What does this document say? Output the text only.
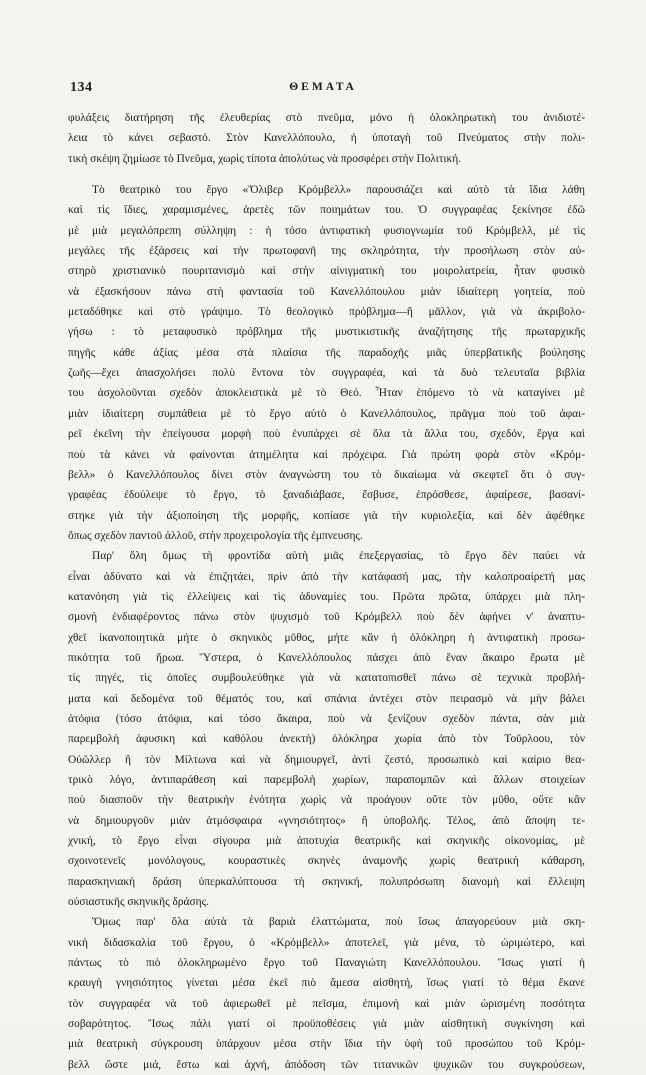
134	ΘΕΜΑΤΑ
φυλάξεις διατήρηση τῆς ἐλευθερίας στὸ πνεῦμα, μόνο ἡ ὁλοκληρωτικὴ του ἀνιδιοτέ-
λεια τὸ κάνει σεβαστό. Στὸν Κανελλόπουλο, ἡ ὑποταγὴ τοῦ Πνεύματος στὴν πολι-
τικὴ σκέψη ζημίωσε τὸ Πνεῦμα, χωρὶς τίποτα ἀπολύτως νὰ προσφέρει στὴν Πολιτική.
Τὸ θεατρικὸ του ἔργο «Ὄλιβερ Κρόμβελλ» παρουσιάζει καὶ αὐτὸ τὰ ἴδια λάθη
καὶ τὶς ἴδιες, χαραμισμένες, ἀρετὲς τῶν ποιημάτων του. Ὁ συγγραφέας ξεκίνησε ἐδῶ
μὲ μιὰ μεγαλόπρεπη σύλληψη : ἡ τόσο ἀντιφατικὴ φυσιογνωμία τοῦ Κρόμβελλ, μὲ τὶς
μεγάλες τῆς ἐξάρσεις καὶ τὴν πρωτοφανῆ της σκληρότητα, τὴν προσήλωση στὸν αὐ-
στηρὸ χριστιανικὸ πουριτανισμὸ καὶ στὴν αἰνιγματικὴ του μοιρολατρεία, ἦταν φυσικὸ
νὰ ἐξασκήσουν πάνω στὴ φαντασία τοῦ Κανελλόπουλου μιὰν ἰδιαίτερη γοητεία, ποὺ
μεταδόθηκε καὶ στὸ γράψιμο. Τὸ θεολογικὸ πρόβλημα—ἢ μᾶλλον, γιὰ νὰ ἀκριβολο-
γήσω : τὸ μεταφυσικὸ πρόβλημα τῆς μυστικιστικῆς ἀναζήτησης τῆς πρωταρχικῆς
πηγῆς κάθε ἀξίας μέσα στὰ πλαίσια τῆς παραδοχῆς μιᾶς ὑπερβατικῆς βούλησης
ζωῆς—ἔχει ἀπασχολήσει πολὺ ἔντονα τὸν συγγραφέα, καὶ τὰ δυὸ τελευταῖα βιβλία
του ἀσχολοῦνται σχεδὸν ἀποκλειστικὰ μὲ τὸ Θεό. Ἦταν ἑπόμενο τὸ νὰ καταγίνει μὲ
μιὰν ἰδιαίτερη συμπάθεια μὲ τὸ ἔργο αὐτὸ ὁ Κανελλόπουλος, πρᾶγμα ποὺ τοῦ ἀφαι-
ρεῖ ἐκεῖνη τὴν ἐπείγουσα μορφὴ ποὺ ἐνυπάρχει σὲ ὅλα τὰ ἄλλα του, σχεδόν, ἔργα καὶ
ποὺ τὰ κάνει νὰ φαίνονται ἀτημέλητα καὶ πρόχειρα. Γιὰ πρώτη φορὰ στὸν «Κρόμ-
βελλ» ὁ Κανελλόπουλος δίνει στὸν ἀναγνώστη του τὸ δικαίωμα νὰ σκεφτεῖ ὅτι ὁ συγ-
γραφέας ἐδούλεψε τὸ ἔργο, τὸ ξαναδιάβασε, ἔσβυσε, ἐπρόσθεσε, ἀφαίρεσε, βασανί-
στηκε γιὰ τὴν ἀξιοποίηση τῆς μορφῆς, κοπίασε γιὰ τὴν κυριολεξία, καὶ δὲν ἀφέθηκε
ὅπως σχεδὸν παντοῦ ἀλλοῦ, στὴν προχειρολογία τῆς ἐμπνευσης.
Παρ' ὅλη ὅμως τὴ φροντίδα αὐτὴ μιᾶς ἐπεξεργασίας, τὸ ἔργο δὲν παύει νὰ
εἶναι ἀδύνατο καὶ νὰ ἐπιζητάει, πρὶν ἀπὸ τὴν κατάφασή μας, τὴν καλοπροαίρετή μας
κατανόηση γιὰ τὶς ἐλλείψεις καὶ τὶς ἀδυναμίες του. Πρῶτα πρῶτα, ὑπάρχει μιὰ πλη-
σμονὴ ἐνδιαφέροντος πάνω στὸν ψυχισμὸ τοῦ Κρόμβελλ ποὺ δὲν ἀφήνει ν' ἀναπτυ-
χθεῖ ἱκανοποιητικὰ μήτε ὁ σκηνικὸς μῦθος, μήτε κἂν ἡ ὁλόκληρη ἡ ἀντιφατικὴ προσω-
πικότητα τοῦ ἥρωα. Ὕστερα, ὁ Κανελλόπουλος πάσχει ἀπὸ ἕναν ἄκαιρο ἔρωτα μὲ
τὶς πηγές, τὶς ὁποῖες συμβουλεύθηκε γιὰ νὰ κατατοπισθεῖ πάνω σὲ τεχνικὰ προβλή-
ματα καὶ δεδομένα τοῦ θέματός του, καὶ σπάνια ἀντέχει στὸν πειρασμὸ νὰ μὴν βάλει
ἀτόφια (τόσο ἀτόφια, καὶ τόσο ἄκαιρα, ποὺ νὰ ξενίζουν σχεδὸν πάντα, σὰν μιὰ
παρεμβολὴ ἀφυσικη καὶ καθόλου ἀνεκτὴ) ὁλόκληρα χωρία ἀπὸ τὸν Τοῦρλοου, τὸν
Οὐῶλλερ ἢ τὸν Μίλτωνα καὶ νὰ δημιουργεῖ, ἀντὶ ζεστό, προσωπικὸ καὶ καίριο θεα-
τρικὸ λόγο, ἀντιπαράθεση καὶ παρεμβολὴ χωρίων, παραπομπῶν καὶ ἄλλων στοιχείων
ποὺ διασποῦν τὴν θεατρικὴν ἑνότητα χωρὶς νὰ προάγουν οὔτε τὸν μῦθο, οὔτε κἂν
νὰ δημιουργοῦν μιὰν ἀτμόσφαιρα «γνησιότητος» ἢ ὑποβολῆς. Τέλος, ἀπὸ ἄποψη τε-
χνική, τὸ ἔργο εἶναι σίγουρα μιὰ ἀποτυχία θεατρικῆς καὶ σκηνικῆς οἰκονομίας, μὲ
σχοινοτενεῖς μονόλογους, κουραστικὲς σκηνὲς ἀναμονῆς χωρὶς θεατρικὴ κάθαρση,
παρασκηνιακὴ δράση ὑπερκαλύπτουσα τὴ σκηνική, πολυπρόσωπη διανομὴ καὶ ἔλλειψη
οὐσιαστικῆς σκηνικῆς δράσης.
Ὅμως παρ' ὅλα αὐτὰ τὰ βαριὰ ἐλαττώματα, ποὺ ἴσως ἀπαγορεύουν μιὰ σκη-
νικὴ διδασκαλία τοῦ ἔργου, ὁ «Κρόμβελλ» ἀποτελεῖ, γιὰ μένα, τὸ ὡριμώτερο, καὶ
πάντως τὸ πιὸ ὁλοκληρωμένο ἔργο τοῦ Παναγιώτη Κανελλόπουλου. Ἴσως γιατί ἡ
κραυγὴ γνησιότητος γίνεται μέσα ἐκεῖ πιὸ ἄμεσα αἰσθητή, ἴσως γιατί τὸ θέμα ἔκανε
τὸν συγγραφέα νὰ τοῦ ἀφιερωθεῖ μὲ πεῖσμα, ἐπιμονὴ καὶ μιὰν ὡρισμένη ποσότητα
σοβαρότητος. Ἴσως πάλι γιατί οἱ προϋποθέσεις γιὰ μιὰν αἰσθητικὴ συγκίνηση καὶ
μιὰ θεατρικὴ σύγκρουση ὑπάρχουν μέσα στὴν ἴδια τὴν ὑφὴ τοῦ προσώπου τοῦ Κρόμ-
βελλ ὥστε μιά, ἔστω καὶ ἀχνή, ἀπόδοση τῶν τιτανικῶν ψυχικῶν του συγκρούσεων,
